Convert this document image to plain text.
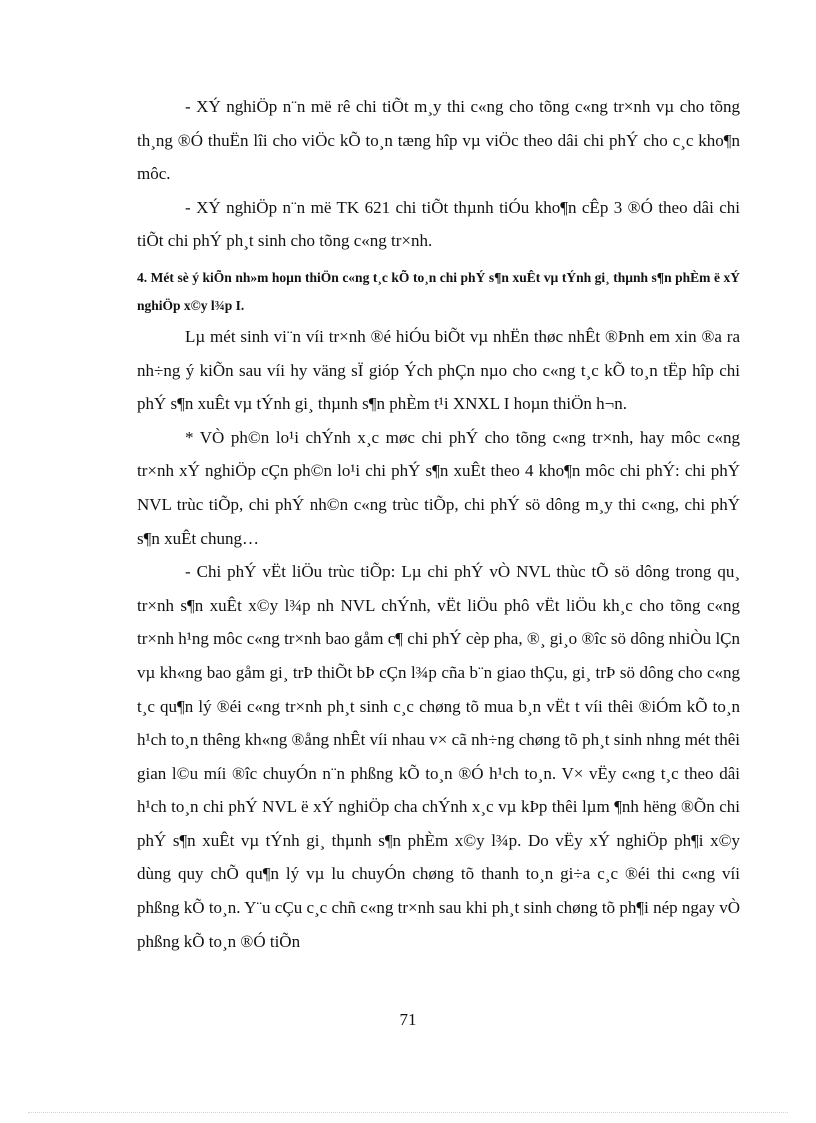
- XÝ nghiÖp n¨n më rê chi tiÕt m¸y thi c«ng cho tõng c«ng tr×nh vµ cho tõng th¸ng ®Ó thuËn lîi cho viÖc kÕ to¸n tæng hîp vµ viÖc theo dâi chi phÝ cho c¸c kho¶n môc.

- XÝ nghiÖp n¨n më TK 621 chi tiÕt thµnh tiÓu kho¶n cÊp 3 ®Ó theo dâi chi tiÕt chi phÝ ph¸t sinh cho tõng c«ng tr×nh.

4. Mét sè ý kiÕn nh»m hoµn thiÖn c«ng t¸c kÕ to¸n chi phÝ s¶n xuÊt vµ tÝnh gi¸ thµnh s¶n phÈm ë xÝ nghiÖp x©y l¾p I.

Lµ mét sinh vi¨n víi tr×nh ®é hiÓu biÕt vµ nhËn thøc nhÊt ®Þnh em xin ®a ra nh÷ng ý kiÕn sau víi hy väng sÏ gióp Ých phÇn nµo cho c«ng t¸c kÕ to¸n tËp hîp chi phÝ s¶n xuÊt vµ tÝnh gi¸ thµnh s¶n phÈm t¹i XNXL I hoµn thiÖn h¬n.

* VÒ ph©n lo¹i chÝnh x¸c møc chi phÝ cho tõng c«ng tr×nh, hay môc c«ng tr×nh xÝ nghiÖp cÇn ph©n lo¹i chi phÝ s¶n xuÊt theo 4 kho¶n môc chi phÝ: chi phÝ NVL trùc tiÕp, chi phÝ nh©n c«ng trùc tiÕp, chi phÝ sö dông m¸y thi c«ng, chi phÝ s¶n xuÊt chung…

- Chi phÝ vËt liÖu trùc tiÕp: Lµ chi phÝ vÒ NVL thùc tÕ sö dông trong qu¸ tr×nh s¶n xuÊt x©y l¾p nh NVL chÝnh, vËt liÖu phô vËt liÖu kh¸c cho tõng c«ng tr×nh h¹ng môc c«ng tr×nh bao gåm c¶ chi phÝ cèp pha, ®¸ gi¸o ®îc sö dông nhiÒu lÇn vµ kh«ng bao gåm gi¸ trÞ thiÕt bÞ cÇn l¾p cña b¨n giao thÇu, gi¸ trÞ sö dông cho c«ng t¸c qu¶n lý ®éi c«ng tr×nh ph¸t sinh c¸c chøng tõ mua b¸n vËt t víi thêi ®iÓm kÕ to¸n h¹ch to¸n thêng kh«ng ®ång nhÊt víi nhau v× cã nh÷ng chøng tõ ph¸t sinh nhng mét thêi gian l©u míi ®îc chuyÓn n¨n phßng kÕ to¸n ®Ó h¹ch to¸n. V× vËy c«ng t¸c theo dâi h¹ch to¸n chi phÝ NVL ë xÝ nghiÖp cha chÝnh x¸c vµ kÞp thêi lµm ¶nh hëng ®Õn chi phÝ s¶n xuÊt vµ tÝnh gi¸ thµnh s¶n phÈm x©y l¾p. Do vËy xÝ nghiÖp ph¶i x©y dùng quy chÕ qu¶n lý vµ lu chuyÓn chøng tõ thanh to¸n gi÷a c¸c ®éi thi c«ng víi phßng kÕ to¸n. Y¨u cÇu c¸c chñ c«ng tr×nh sau khi ph¸t sinh chøng tõ ph¶i nép ngay vÒ phßng kÕ to¸n ®Ó tiÕn

71
